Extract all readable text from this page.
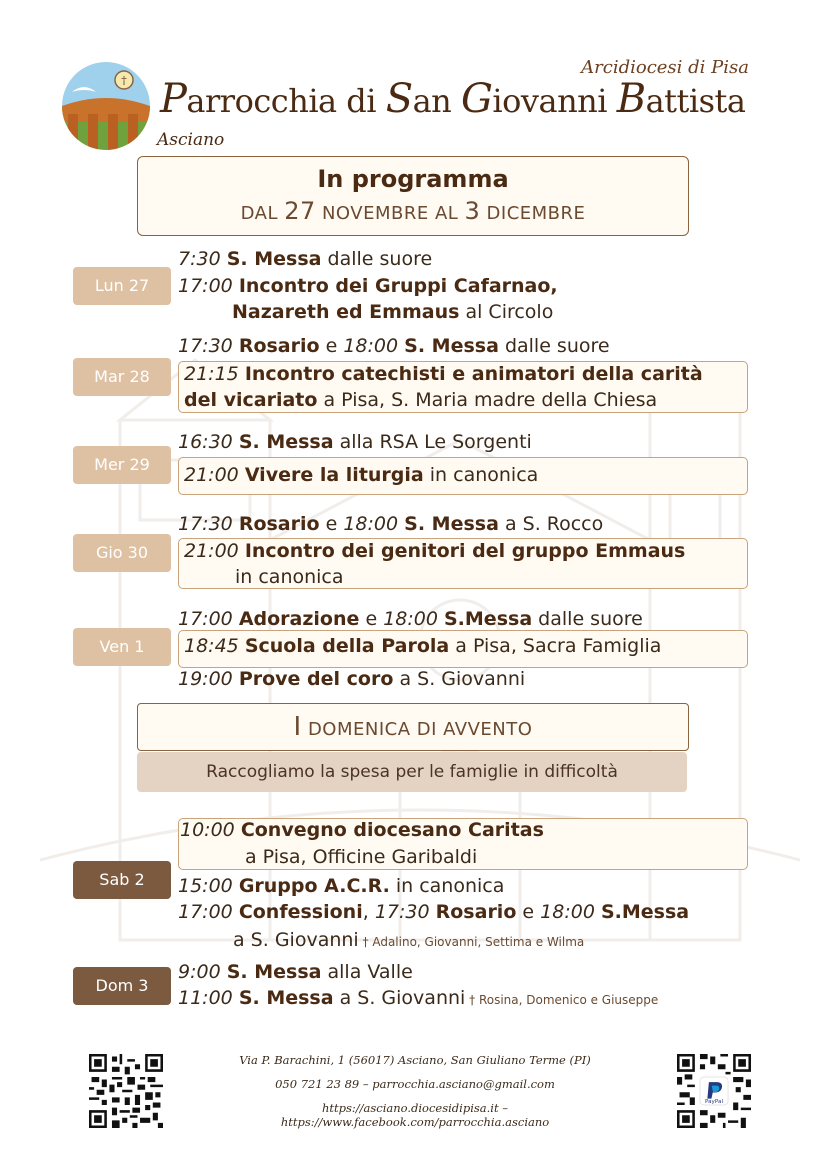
†
Arcidiocesi di Pisa
Parrocchia di San Giovanni Battista
Asciano
In programma
DAL 27 NOVEMBRE AL 3 DICEMBRE
Lun 27
7:30 S. Messa dalle suore
17:00 Incontro dei Gruppi Cafarnao,
Nazareth ed Emmaus al Circolo
Mar 28
17:30 Rosario e 18:00 S. Messa dalle suore
21:15 Incontro catechisti e animatori della carità
del vicariato a Pisa, S. Maria madre della Chiesa
Mer 29
16:30 S. Messa alla RSA Le Sorgenti
21:00 Vivere la liturgia in canonica
Gio 30
17:30 Rosario e 18:00 S. Messa a S. Rocco
21:00 Incontro dei genitori del gruppo Emmaus
in canonica
Ven 1
17:00 Adorazione e 18:00 S.Messa dalle suore
18:45 Scuola della Parola a Pisa, Sacra Famiglia
19:00 Prove del coro a S. Giovanni
I DOMENICA DI AVVENTO
Raccogliamo la spesa per le famiglie in difficoltà
10:00 Convegno diocesano Caritas
a Pisa, Officine Garibaldi
Sab 2	15:00 Gruppo A.C.R. in canonica
17:00 Confessioni, 17:30 Rosario e 18:00 S.Messa
a S. Giovanni † Adalino, Giovanni, Settima e Wilma
Dom 3
9:00 S. Messa alla Valle
11:00 S. Messa a S. Giovanni † Rosina, Domenico e Giuseppe
PayPal
Via P. Barachini, 1 (56017) Asciano, San Giuliano Terme (PI)
050 721 23 89 – parrocchia.asciano@gmail.com
https://asciano.diocesidipisa.it – https://www.facebook.com/parrocchia.asciano
